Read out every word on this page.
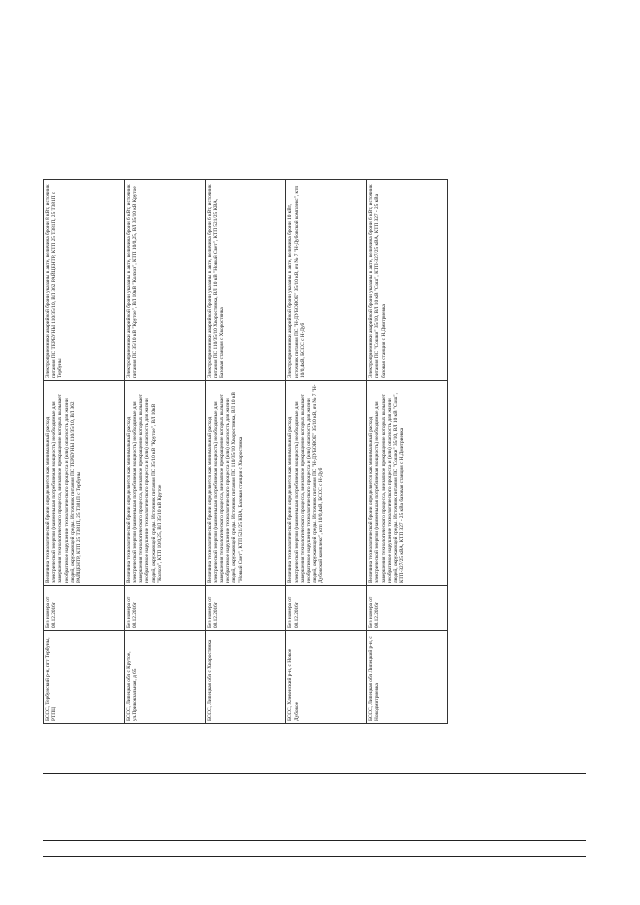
БССС, Тербунский р-н, пгт Тербуны, РТПЦ	Без номера от 08.12.2016г	Величина технологической брони определяется как минимальный расход электрической энергии (наименьшая потребляемая мощность) необходимые для завершения технологического процесса, внезапное прекращение которых вызывает необратимое нарушение технологического процесса и (или) опасность для жизни людей, окружающей среды. Источник питания ПС ТЕРБУНЫ 110/35/10, ВЛ 362 РАЙЦЕНТР, КТП 25 Т381П, 25 Т381П с Тербуны	Электроприемники аварийной брони указаны в акте, величина брони 8 кВт, источник питания ПС ТЕРБУНЫ 110/35/10, ВЛ 362 РАЙЦЕНТР, КТП 25 Т381П, 25 Т381П с Тербуны
БССС, Липецкая обл с Крутое, ул.Привокзальная, д 65	Без номера от 08.12.2016г	Величина технологической брони определяется как минимальный расход электрической энергии (наименьшая потребляемая мощность) необходимые для завершения технологического процесса, внезапное прекращение которых вызывает необратимое нарушение технологического процесса и (или) опасность для жизни людей, окружающей среды. Источник питания ПС 35/10 кВ "Крутое", ВЛ 10кВ "Колхоз", КТП 10/0,25, ВЛ 35/10 кВ Крутое	Электроприемники аварийной брони указаны в акте, величина брони 6 кВт, источник питания ПС 35/10 кВ "Крутое", ВЛ 10кВ "Колхоз", КТП 10/0,25, ВЛ 35/10 кВ Крутое
БССС, Липецкая обл с Хворостянка	Без номера от 08.12.2016г	Величина технологической брони определяется как минимальный расход электрической энергии (наименьшая потребляемая мощность) необходимые для завершения технологического процесса, внезапное прекращение которых вызывает необратимое нарушение технологического процесса и (или) опасность для жизни людей, окружающей среды. Источник питания ПС 110/35/10 Хворостянка, ВЛ 10 кВ "Новый Свет", КТП 521/25 КВА, Базовая станция с Хворостянка	Электроприемники аварийной брони указаны в акте, величина брони 6 кВт, источник питания ПС 110/35/10 Хворостянка, ВЛ 10 кВ "Новый Свет", КТП 521/25 КВА, Базовая станция с Хворостянка
БССС, Хлевенский р-н, с Новое Дубовое	Без номера от 08.12.2016г	Величина технологической брони определяется как минимальный расход электрической энергии (наименьшая потребляемая мощность) необходимые для завершения технологического процесса, внезапное прекращение которых вызывает необратимое нарушение технологического процесса и (или) опасность для жизни людей, окружающей среды. Источник питания ПС "Н-ДУБОВОЕ" 35/10 кВ, яч № 7 "Н-Дубовской комплекс", ктп 10/0,4кВ, БССС с Н-Дуб	Электроприемники аварийной брони указаны в акте, величина брони 10 кВт, источник питания ПС "Н-ДУБОВОЕ" 35/10 кВ, яч № 7 "Н-Дубовской комплекс", ктп 10/0,4кВ, БССС с Н-Дуб
БССС, Липецкая обл Липецкий р-н, с Новодмитриевка	Без номера от 08.12.2016г	Величина технологической брони определяется как минимальный расход электрической энергии (наименьшая потребляемая мощность) необходимые для завершения технологического процесса, внезапное прекращение которых вызывает необратимое нарушение технологического процесса и (или) опасность для жизни людей, окружающей среды. Источник питания ПС "Сошки" 35/10, ВЛ 10 кВ "Сош", КТП-327/25 кВА, КТП 327 - 25 кВа базовая станция с Н.Дмитриевка	Электроприемники аварийной брони указаны в акте, величина брони 6 кВт, источник питания ПС "Сошки" 35/10, ВЛ 10 кВ "Сош", КТП-327/25 кВА, КТП 327 - 25 кВа базовая станция с Н.Дмитриевка
